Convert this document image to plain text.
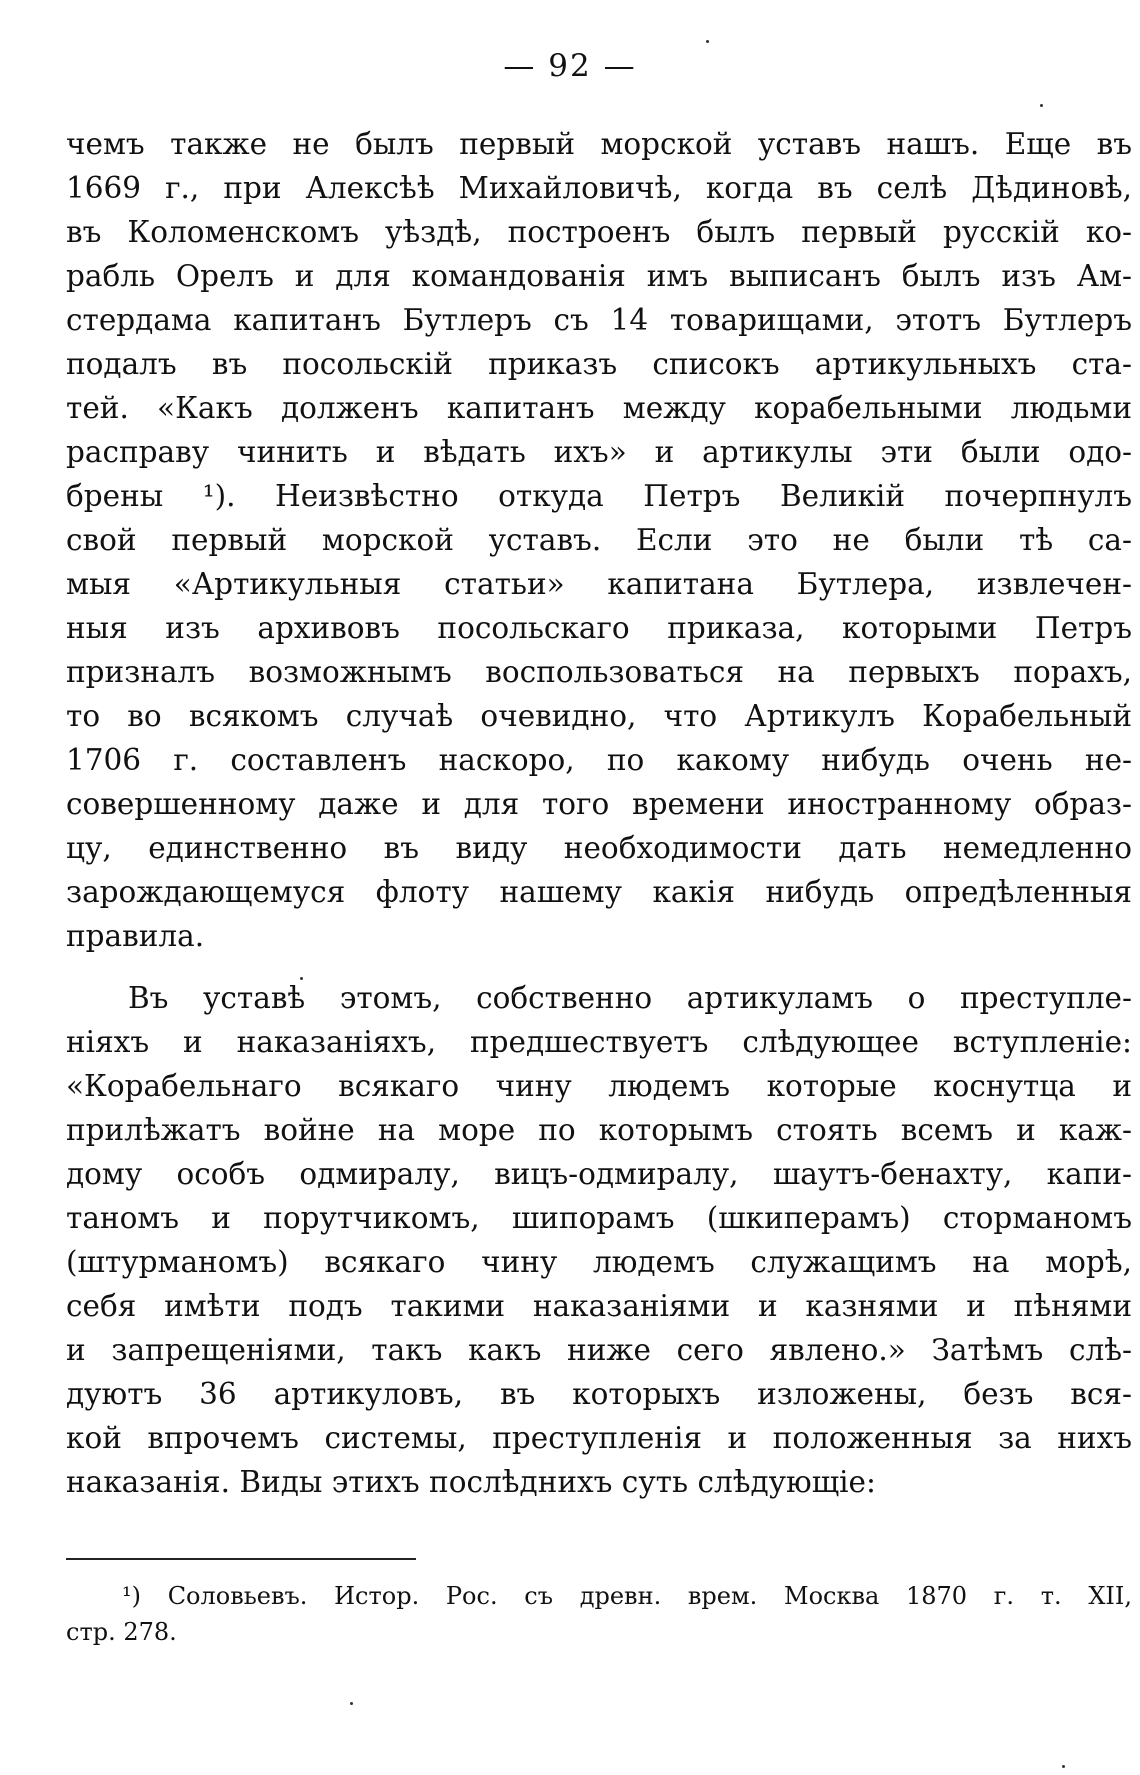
— 92 —
чемъ также не былъ первый морской уставъ нашъ. Еще въ
1669 г., при Алексѣѣ Михайловичѣ, когда въ селѣ Дѣдиновѣ,
въ Коломенскомъ уѣздѣ, построенъ былъ первый русскій ко-
рабль Орелъ и для командованія имъ выписанъ былъ изъ Ам-
стердама капитанъ Бутлеръ съ 14 товарищами, этотъ Бутлеръ
подалъ въ посольскій приказъ списокъ артикульныхъ ста-
тей. «Какъ долженъ капитанъ между корабельными людьми
расправу чинить и вѣдать ихъ» и артикулы эти были одо-
брены ¹). Неизвѣстно откуда Петръ Великій почерпнулъ
свой первый морской уставъ. Если это не были тѣ са-
мыя «Артикульныя статьи» капитана Бутлера, извлечен-
ныя изъ архивовъ посольскаго приказа, которыми Петръ
призналъ возможнымъ воспользоваться на первыхъ порахъ,
то во всякомъ случаѣ очевидно, что Артикулъ Корабельный
1706 г. составленъ наскоро, по какому нибудь очень не-
совершенному даже и для того времени иностранному образ-
цу, единственно въ виду необходимости дать немедленно
зарождающемуся флоту нашему какія нибудь опредѣленныя
правила.
Въ уставѣ этомъ, собственно артикуламъ о преступле-
ніяхъ и наказаніяхъ, предшествуетъ слѣдующее вступленіе:
«Корабельнаго всякаго чину людемъ которые коснутца и
прилѣжатъ войне на море по которымъ стоять всемъ и каж-
дому особъ одмиралу, вицъ-одмиралу, шаутъ-бенахту, капи-
таномъ и порутчикомъ, шипорамъ (шкиперамъ) сторманомъ
(штурманомъ) всякаго чину людемъ служащимъ на морѣ,
себя имѣти подъ такими наказаніями и казнями и пѣнями
и запрещеніями, такъ какъ ниже сего явлено.» Затѣмъ слѣ-
дуютъ 36 артикуловъ, въ которыхъ изложены, безъ вся-
кой впрочемъ системы, преступленія и положенныя за нихъ
наказанія. Виды этихъ послѣднихъ суть слѣдующіе:
¹) Соловьевъ. Истор. Рос. съ древн. врем. Москва 1870 г. т. XII,
стр. 278.
